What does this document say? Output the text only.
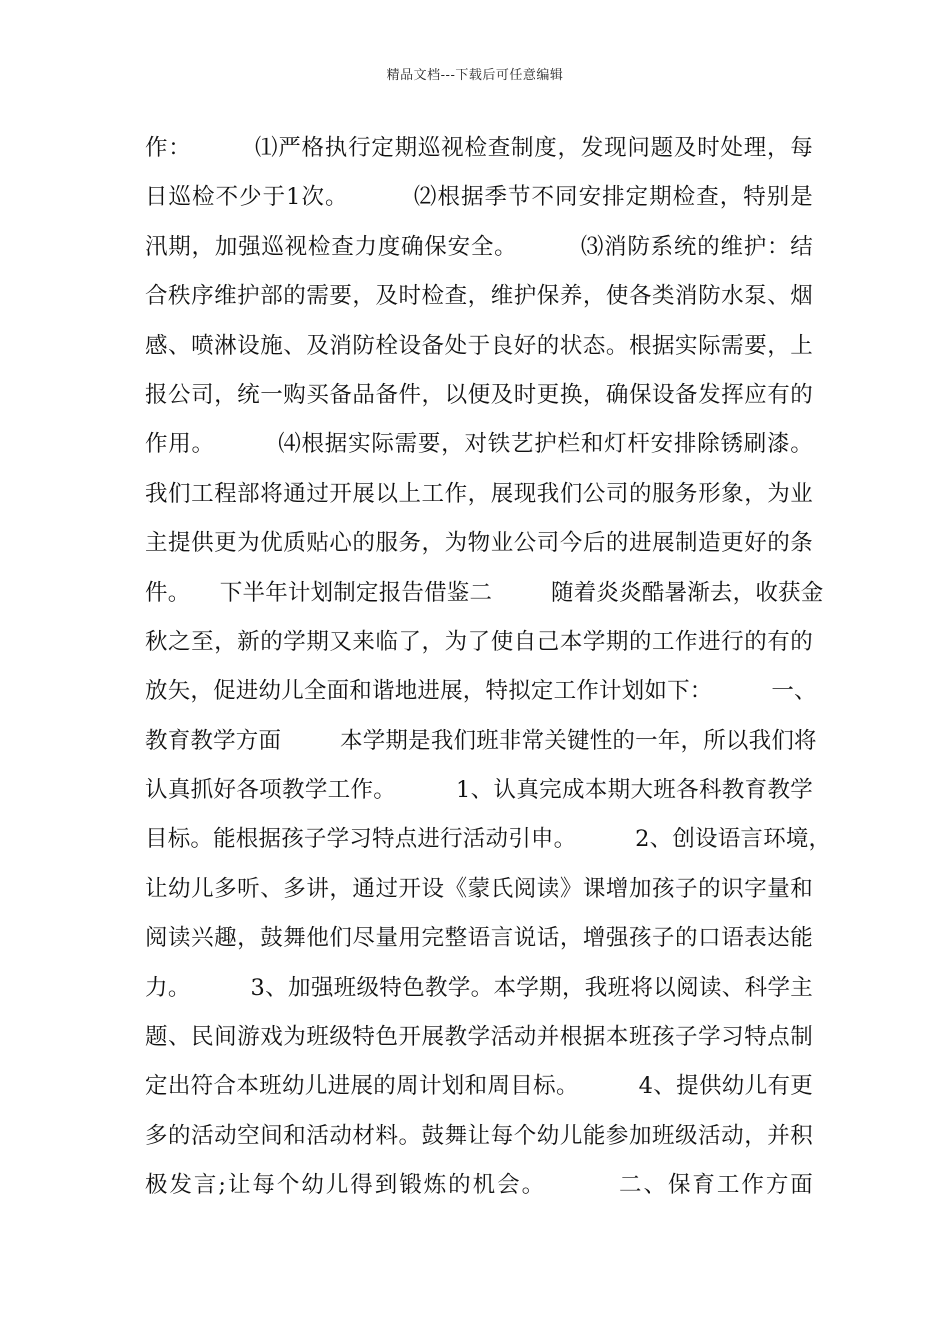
精品文档---下载后可任意编辑
作：        ⑴严格执行定期巡视检查制度，发现问题及时处理，每
日巡检不少于1次。        ⑵根据季节不同安排定期检查，特别是
汛期，加强巡视检查力度确保安全。        ⑶消防系统的维护：结
合秩序维护部的需要，及时检查，维护保养，使各类消防水泵、烟
感、喷淋设施、及消防栓设备处于良好的状态。根据实际需要，上
报公司，统一购买备品备件，以便及时更换，确保设备发挥应有的
作用。        ⑷根据实际需要，对铁艺护栏和灯杆安排除锈刷漆。
我们工程部将通过开展以上工作，展现我们公司的服务形象，为业
主提供更为优质贴心的服务，为物业公司今后的进展制造更好的条
件。    下半年计划制定报告借鉴二        随着炎炎酷暑渐去，收获金
秋之至，新的学期又来临了，为了使自己本学期的工作进行的有的
放矢，促进幼儿全面和谐地进展，特拟定工作计划如下：        一、
教育教学方面        本学期是我们班非常关键性的一年，所以我们将
认真抓好各项教学工作。        1、认真完成本期大班各科教育教学
目标。能根据孩子学习特点进行活动引申。        2、创设语言环境，
让幼儿多听、多讲，通过开设《蒙氏阅读》课增加孩子的识字量和
阅读兴趣，鼓舞他们尽量用完整语言说话，增强孩子的口语表达能
力。        3、加强班级特色教学。本学期，我班将以阅读、科学主
题、民间游戏为班级特色开展教学活动并根据本班孩子学习特点制
定出符合本班幼儿进展的周计划和周目标。        4、提供幼儿有更
多的活动空间和活动材料。鼓舞让每个幼儿能参加班级活动，并积
极发言;让每个幼儿得到锻炼的机会。        二、保育工作方面
